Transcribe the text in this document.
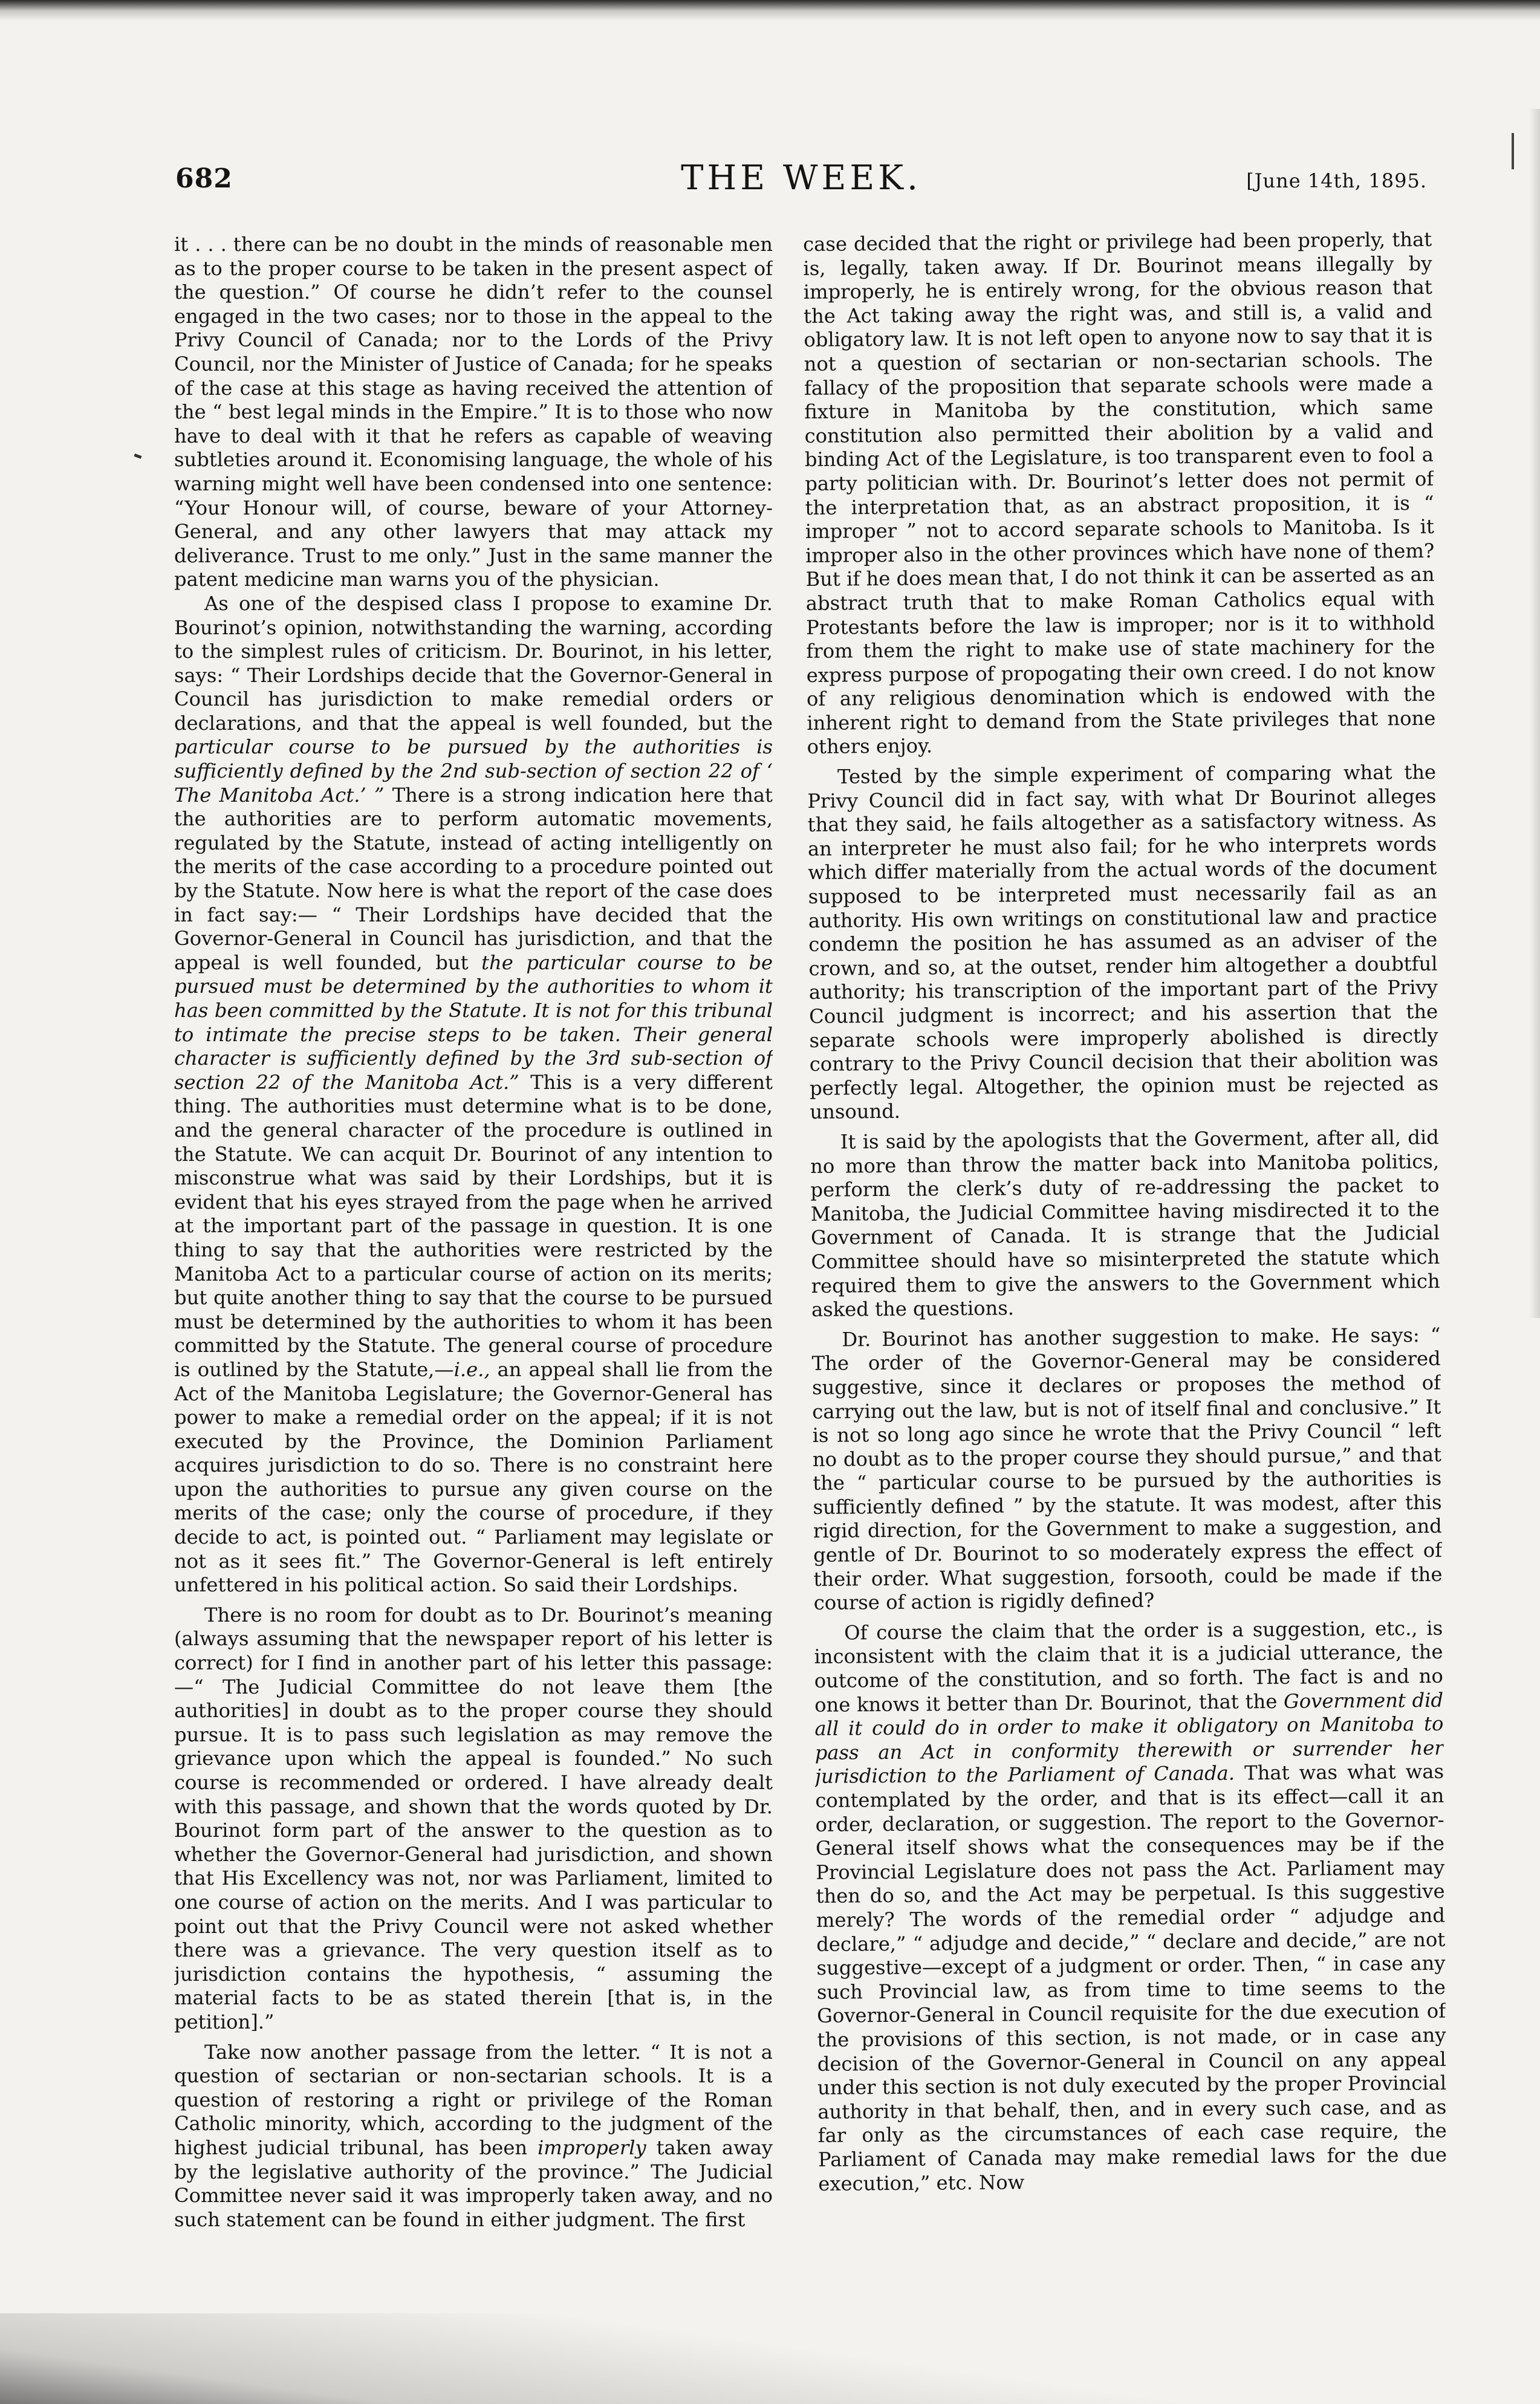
682	THE WEEK.	[June 14th, 1895.

it . . . there can be no doubt in the minds of reasonable men as to the proper course to be taken in the present aspect of the question.” Of course he didn’t refer to the counsel engaged in the two cases; nor to those in the appeal to the Privy Council of Canada; nor to the Lords of the Privy Council, nor the Minister of Justice of Canada; for he speaks of the case at this stage as having received the attention of the “ best legal minds in the Empire.” It is to those who now have to deal with it that he refers as capable of weaving subtleties around it. Economising language, the whole of his warning might well have been condensed into one sentence: “Your Honour will, of course, beware of your Attorney-General, and any other lawyers that may attack my deliverance. Trust to me only.” Just in the same manner the patent medicine man warns you of the physician.

As one of the despised class I propose to examine Dr. Bourinot’s opinion, notwithstanding the warning, according to the simplest rules of criticism. Dr. Bourinot, in his letter, says: “ Their Lordships decide that the Governor-General in Council has jurisdiction to make remedial orders or declarations, and that the appeal is well founded, but the particular course to be pursued by the authorities is sufficiently defined by the 2nd sub-section of section 22 of ‘ The Manitoba Act.’ ” There is a strong indication here that the authorities are to perform automatic movements, regulated by the Statute, instead of acting intelligently on the merits of the case according to a procedure pointed out by the Statute. Now here is what the report of the case does in fact say:— “ Their Lordships have decided that the Governor-General in Council has jurisdiction, and that the appeal is well founded, but the particular course to be pursued must be determined by the authorities to whom it has been committed by the Statute. It is not for this tribunal to intimate the precise steps to be taken. Their general character is sufficiently defined by the 3rd sub-section of section 22 of the Manitoba Act.” This is a very different thing. The authorities must determine what is to be done, and the general character of the procedure is outlined in the Statute. We can acquit Dr. Bourinot of any intention to misconstrue what was said by their Lordships, but it is evident that his eyes strayed from the page when he arrived at the important part of the passage in question. It is one thing to say that the authorities were restricted by the Manitoba Act to a particular course of action on its merits; but quite another thing to say that the course to be pursued must be determined by the authorities to whom it has been committed by the Statute. The general course of procedure is outlined by the Statute,—i.e., an appeal shall lie from the Act of the Manitoba Legislature; the Governor-General has power to make a remedial order on the appeal; if it is not executed by the Province, the Dominion Parliament acquires jurisdiction to do so. There is no constraint here upon the authorities to pursue any given course on the merits of the case; only the course of procedure, if they decide to act, is pointed out. “ Parliament may legislate or not as it sees fit.” The Governor-General is left entirely unfettered in his political action. So said their Lordships.

There is no room for doubt as to Dr. Bourinot’s meaning (always assuming that the newspaper report of his letter is correct) for I find in another part of his letter this passage:—“ The Judicial Committee do not leave them [the authorities] in doubt as to the proper course they should pursue. It is to pass such legislation as may remove the grievance upon which the appeal is founded.” No such course is recommended or ordered. I have already dealt with this passage, and shown that the words quoted by Dr. Bourinot form part of the answer to the question as to whether the Governor-General had jurisdiction, and shown that His Excellency was not, nor was Parliament, limited to one course of action on the merits. And I was particular to point out that the Privy Council were not asked whether there was a grievance. The very question itself as to jurisdiction contains the hypothesis, “ assuming the material facts to be as stated therein [that is, in the petition].”

Take now another passage from the letter. “ It is not a question of sectarian or non-sectarian schools. It is a question of restoring a right or privilege of the Roman Catholic minority, which, according to the judgment of the highest judicial tribunal, has been improperly taken away by the legislative authority of the province.” The Judicial Committee never said it was improperly taken away, and no such statement can be found in either judgment. The first

case decided that the right or privilege had been properly, that is, legally, taken away. If Dr. Bourinot means illegally by improperly, he is entirely wrong, for the obvious reason that the Act taking away the right was, and still is, a valid and obligatory law. It is not left open to anyone now to say that it is not a question of sectarian or non-sectarian schools. The fallacy of the proposition that separate schools were made a fixture in Manitoba by the constitution, which same constitution also permitted their abolition by a valid and binding Act of the Legislature, is too transparent even to fool a party politician with. Dr. Bourinot’s letter does not permit of the interpretation that, as an abstract proposition, it is “ improper ” not to accord separate schools to Manitoba. Is it improper also in the other provinces which have none of them? But if he does mean that, I do not think it can be asserted as an abstract truth that to make Roman Catholics equal with Protestants before the law is improper; nor is it to withhold from them the right to make use of state machinery for the express purpose of propogating their own creed. I do not know of any religious denomination which is endowed with the inherent right to demand from the State privileges that none others enjoy.

Tested by the simple experiment of comparing what the Privy Council did in fact say, with what Dr Bourinot alleges that they said, he fails altogether as a satisfactory witness. As an interpreter he must also fail; for he who interprets words which differ materially from the actual words of the document supposed to be interpreted must necessarily fail as an authority. His own writings on constitutional law and practice condemn the position he has assumed as an adviser of the crown, and so, at the outset, render him altogether a doubtful authority; his transcription of the important part of the Privy Council judgment is incorrect; and his assertion that the separate schools were improperly abolished is directly contrary to the Privy Council decision that their abolition was perfectly legal. Altogether, the opinion must be rejected as unsound.

It is said by the apologists that the Goverment, after all, did no more than throw the matter back into Manitoba politics, perform the clerk’s duty of re-addressing the packet to Manitoba, the Judicial Committee having misdirected it to the Government of Canada. It is strange that the Judicial Committee should have so misinterpreted the statute which required them to give the answers to the Government which asked the questions.

Dr. Bourinot has another suggestion to make. He says: “ The order of the Governor-General may be considered suggestive, since it declares or proposes the method of carrying out the law, but is not of itself final and conclusive.” It is not so long ago since he wrote that the Privy Council “ left no doubt as to the proper course they should pursue,” and that the “ particular course to be pursued by the authorities is sufficiently defined ” by the statute. It was modest, after this rigid direction, for the Government to make a suggestion, and gentle of Dr. Bourinot to so moderately express the effect of their order. What suggestion, forsooth, could be made if the course of action is rigidly defined?

Of course the claim that the order is a suggestion, etc., is inconsistent with the claim that it is a judicial utterance, the outcome of the constitution, and so forth. The fact is and no one knows it better than Dr. Bourinot, that the Government did all it could do in order to make it obligatory on Manitoba to pass an Act in conformity therewith or surrender her jurisdiction to the Parliament of Canada. That was what was contemplated by the order, and that is its effect—call it an order, declaration, or suggestion. The report to the Governor-General itself shows what the consequences may be if the Provincial Legislature does not pass the Act. Parliament may then do so, and the Act may be perpetual. Is this suggestive merely? The words of the remedial order “ adjudge and declare,” “ adjudge and decide,” “ declare and decide,” are not suggestive—except of a judgment or order. Then, “ in case any such Provincial law, as from time to time seems to the Governor-General in Council requisite for the due execution of the provisions of this section, is not made, or in case any decision of the Governor-General in Council on any appeal under this section is not duly executed by the proper Provincial authority in that behalf, then, and in every such case, and as far only as the circumstances of each case require, the Parliament of Canada may make remedial laws for the due execution,” etc. Now
